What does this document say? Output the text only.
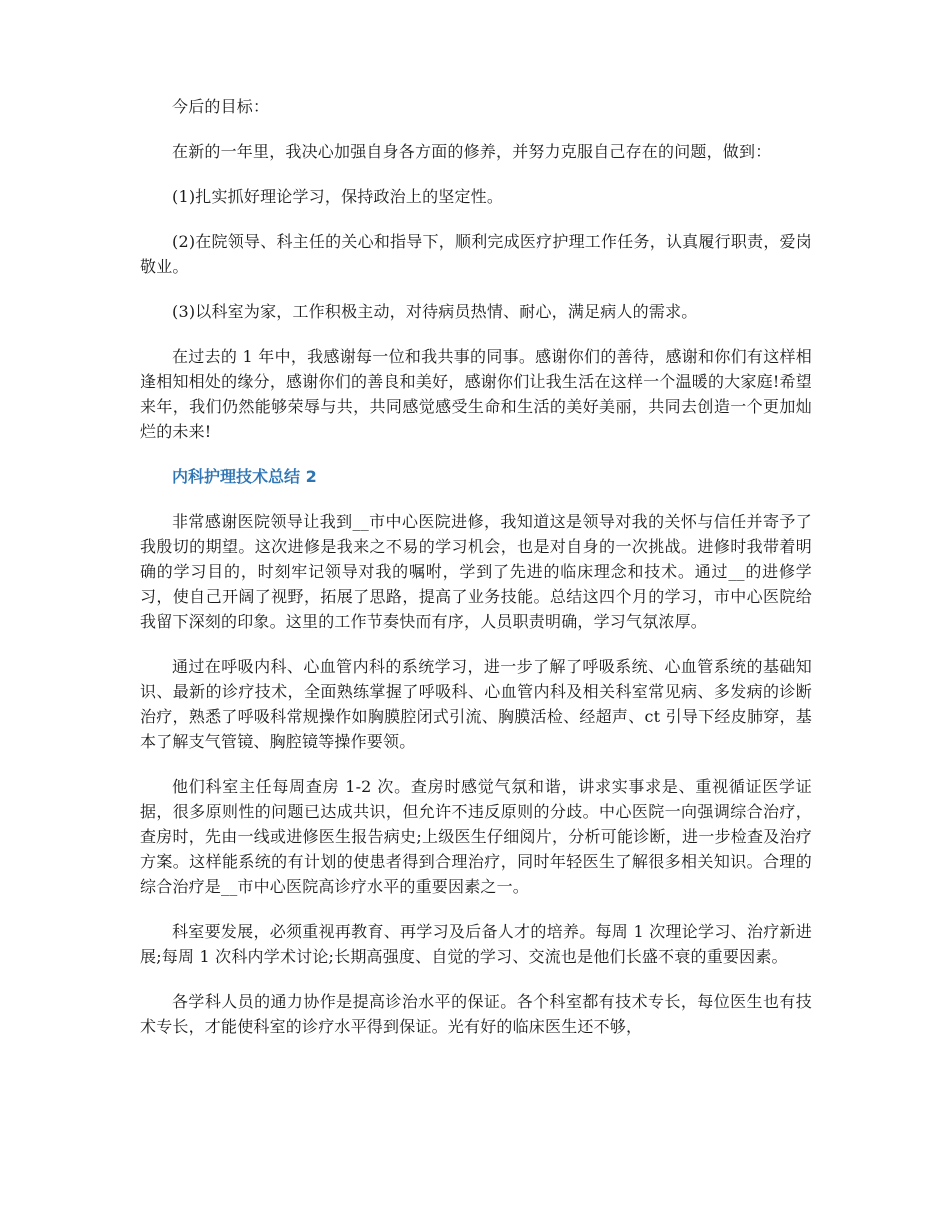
今后的目标：

在新的一年里，我决心加强自身各方面的修养，并努力克服自己存在的问题，做到：

(1)扎实抓好理论学习，保持政治上的坚定性。

(2)在院领导、科主任的关心和指导下，顺利完成医疗护理工作任务，认真履行职责，爱岗敬业。

(3)以科室为家，工作积极主动，对待病员热情、耐心，满足病人的需求。

在过去的 1 年中，我感谢每一位和我共事的同事。感谢你们的善待，感谢和你们有这样相逢相知相处的缘分，感谢你们的善良和美好，感谢你们让我生活在这样一个温暖的大家庭!希望来年，我们仍然能够荣辱与共，共同感觉感受生命和生活的美好美丽，共同去创造一个更加灿烂的未来!

内科护理技术总结 2

非常感谢医院领导让我到__市中心医院进修，我知道这是领导对我的关怀与信任并寄予了我殷切的期望。这次进修是我来之不易的学习机会，也是对自身的一次挑战。进修时我带着明确的学习目的，时刻牢记领导对我的嘱咐，学到了先进的临床理念和技术。通过__的进修学习，使自己开阔了视野，拓展了思路，提高了业务技能。总结这四个月的学习，市中心医院给我留下深刻的印象。这里的工作节奏快而有序，人员职责明确，学习气氛浓厚。

通过在呼吸内科、心血管内科的系统学习，进一步了解了呼吸系统、心血管系统的基础知识、最新的诊疗技术，全面熟练掌握了呼吸科、心血管内科及相关科室常见病、多发病的诊断治疗，熟悉了呼吸科常规操作如胸膜腔闭式引流、胸膜活检、经超声、ct 引导下经皮肺穿，基本了解支气管镜、胸腔镜等操作要领。

他们科室主任每周查房 1-2 次。查房时感觉气氛和谐，讲求实事求是、重视循证医学证据，很多原则性的问题已达成共识，但允许不违反原则的分歧。中心医院一向强调综合治疗，查房时，先由一线或进修医生报告病史;上级医生仔细阅片，分析可能诊断，进一步检查及治疗方案。这样能系统的有计划的使患者得到合理治疗，同时年轻医生了解很多相关知识。合理的综合治疗是__市中心医院高诊疗水平的重要因素之一。

科室要发展，必须重视再教育、再学习及后备人才的培养。每周 1 次理论学习、治疗新进展;每周 1 次科内学术讨论;长期高强度、自觉的学习、交流也是他们长盛不衰的重要因素。

各学科人员的通力协作是提高诊治水平的保证。各个科室都有技术专长，每位医生也有技术专长，才能使科室的诊疗水平得到保证。光有好的临床医生还不够，
